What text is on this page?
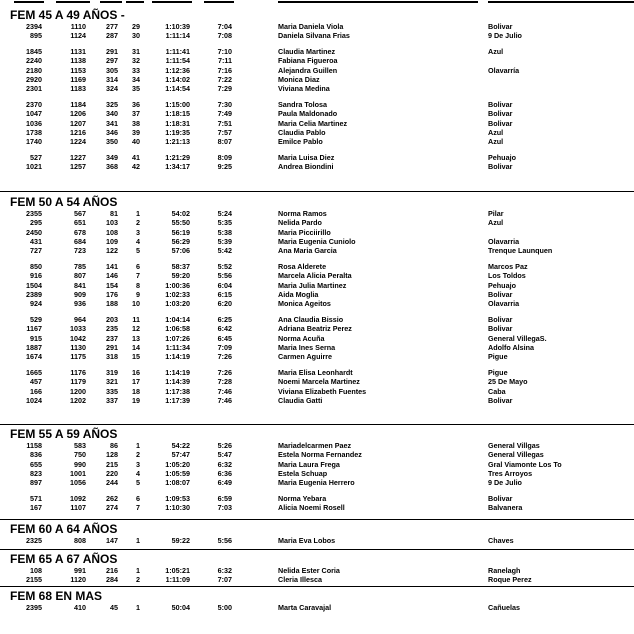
FEM 45 A 49 AÑOS -
2394	1110	277	29	1:10:39	7:04	Maria Daniela Viola	Bolivar
895	1124	287	30	1:11:14	7:08	Daniela Silvana Frias	9 De Julio
1845	1131	291	31	1:11:41	7:10	Claudia Martinez	Azul
2240	1138	297	32	1:11:54	7:11	Fabiana Figueroa
2180	1153	305	33	1:12:36	7:16	Alejandra Guillen	Olavarría
2920	1169	314	34	1:14:02	7:22	Monica Diaz
2301	1183	324	35	1:14:54	7:29	Viviana Medina
2370	1184	325	36	1:15:00	7:30	Sandra Tolosa	Bolivar
1047	1206	340	37	1:18:15	7:49	Paula Maldonado	Bolivar
1036	1207	341	38	1:18:31	7:51	Maria Celia Martinez	Bolivar
1738	1216	346	39	1:19:35	7:57	Claudia Pablo	Azul
1740	1224	350	40	1:21:13	8:07	Emilce Pablo	Azul
527	1227	349	41	1:21:29	8:09	Maria Luisa Diez	Pehuajo
1021	1257	368	42	1:34:17	9:25	Andrea Biondini	Bolivar
FEM 50 A 54 AÑOS
2355	567	81	1	54:02	5:24	Norma Ramos	Pilar
295	651	103	2	55:50	5:35	Nelida Pardo	Azul
2450	678	108	3	56:19	5:38	Maria Picciirillo
431	684	109	4	56:29	5:39	Maria Eugenia Cuniolo	Olavarria
727	723	122	5	57:06	5:42	Ana Maria Garcia	Trenque Launquen
850	785	141	6	58:37	5:52	Rosa Alderete	Marcos Paz
916	807	146	7	59:20	5:56	Marcela Alicia Peralta	Los Toldos
1504	841	154	8	1:00:36	6:04	Maria Julia Martinez	Pehuajo
2389	909	176	9	1:02:33	6:15	Aida Moglia	Bolivar
924	936	188	10	1:03:20	6:20	Monica Ageitos	Olavarria
529	964	203	11	1:04:14	6:25	Ana Claudia Bissio	Bolivar
1167	1033	235	12	1:06:58	6:42	Adriana Beatriz Perez	Bolivar
915	1042	237	13	1:07:26	6:45	Norma Acuña	General VillegaS.
1887	1130	291	14	1:11:34	7:09	Maria Ines Serna	Adolfo Alsina
1674	1175	318	15	1:14:19	7:26	Carmen Aguirre	Pigue
1665	1176	319	16	1:14:19	7:26	Maria Elisa Leonhardt	Pigue
457	1179	321	17	1:14:39	7:28	Noemi Marcela Martinez	25 De Mayo
166	1200	335	18	1:17:38	7:46	Viviana Elizabeth Fuentes	Caba
1024	1202	337	19	1:17:39	7:46	Claudia Gatti	Bolivar
FEM 55 A 59 AÑOS
1158	583	86	1	54:22	5:26	Mariadelcarmen Paez	General Villgas
836	750	128	2	57:47	5:47	Estela Norma Fernandez	General Villegas
655	990	215	3	1:05:20	6:32	Maria Laura Frega	Gral Viamonte Los To
823	1001	220	4	1:05:59	6:36	Estela Schuap	Tres Arroyos
897	1056	244	5	1:08:07	6:49	Maria Eugenia Herrero	9 De Julio
571	1092	262	6	1:09:53	6:59	Norma Yebara	Bolivar
167	1107	274	7	1:10:30	7:03	Alicia Noemi Rosell	Balvanera
FEM 60 A 64 AÑOS
2325	808	147	1	59:22	5:56	Maria Eva Lobos	Chaves
FEM 65 A 67 AÑOS
108	991	216	1	1:05:21	6:32	Nelida Ester Coria	Ranelagh
2155	1120	284	2	1:11:09	7:07	Cleria Illesca	Roque Perez
FEM 68 EN MAS
2395	410	45	1	50:04	5:00	Marta Caravajal	Cañuelas
